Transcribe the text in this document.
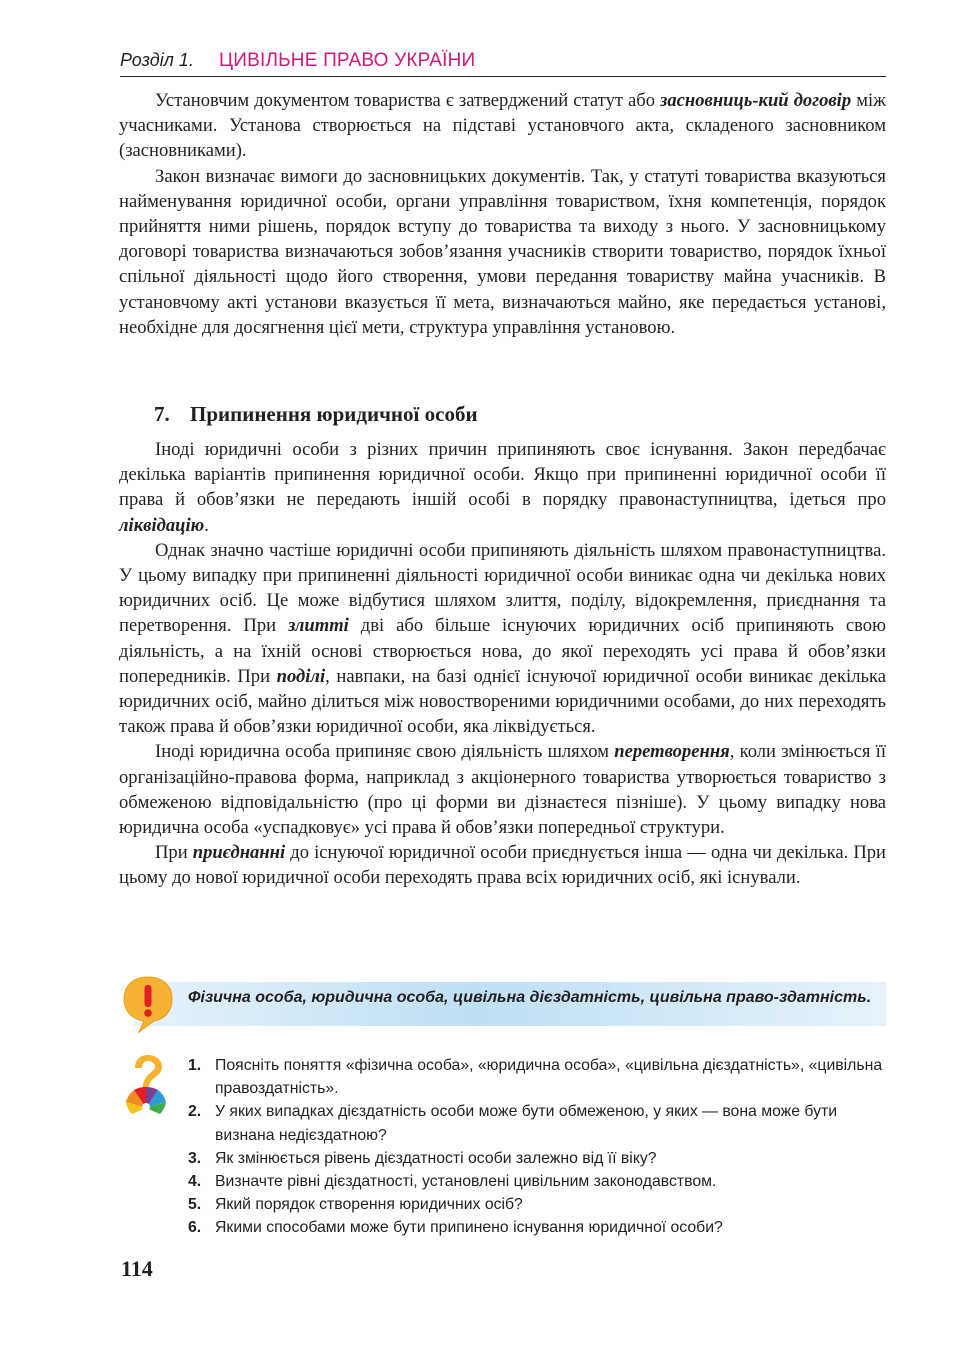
Розділ 1. ЦИВІЛЬНЕ ПРАВО УКРАЇНИ

Установчим документом товариства є затверджений статут або засновниць-кий договір між учасниками. Установа створюється на підставі установчого акта, складеного засновником (засновниками).

Закон визначає вимоги до засновницьких документів. Так, у статуті товариства вказуються найменування юридичної особи, органи управління товариством, їхня компетенція, порядок прийняття ними рішень, порядок вступу до товариства та виходу з нього. У засновницькому договорі товариства визначаються зобов’язання учасників створити товариство, порядок їхньої спільної діяльності щодо його створення, умови передання товариству майна учасників. В установчому акті установи вказується її мета, визначаються майно, яке передається установі, необхідне для досягнення цієї мети, структура управління установою.

7. Припинення юридичної особи

Іноді юридичні особи з різних причин припиняють своє існування. Закон передбачає декілька варіантів припинення юридичної особи. Якщо при припиненні юридичної особи її права й обов’язки не передають іншій особі в порядку правонаступництва, ідеться про ліквідацію.

Однак значно частіше юридичні особи припиняють діяльність шляхом правонаступництва. У цьому випадку при припиненні діяльності юридичної особи виникає одна чи декілька нових юридичних осіб. Це може відбутися шляхом злиття, поділу, відокремлення, приєднання та перетворення. При злитті дві або більше існуючих юридичних осіб припиняють свою діяльність, а на їхній основі створюється нова, до якої переходять усі права й обов’язки попередників. При поділі, навпаки, на базі однієї існуючої юридичної особи виникає декілька юридичних осіб, майно ділиться між новоствореними юридичними особами, до них переходять також права й обов’язки юридичної особи, яка ліквідується.

Іноді юридична особа припиняє свою діяльність шляхом перетворення, коли змінюється її організаційно-правова форма, наприклад з акціонерного товариства утворюється товариство з обмеженою відповідальністю (про ці форми ви дізнаєтеся пізніше). У цьому випадку нова юридична особа «успадковує» усі права й обов’язки попередньої структури.

При приєднанні до існуючої юридичної особи приєднується інша — одна чи декілька. При цьому до нової юридичної особи переходять права всіх юридичних осіб, які існували.

Фізична особа, юридична особа, цивільна дієздатність, цивільна право-здатність.
1. Поясніть поняття «фізична особа», «юридична особа», «цивільна дієздатність», «цивільна правоздатність».
2. У яких випадках дієздатність особи може бути обмеженою, у яких — вона може бути визнана недієздатною?
3. Як змінюється рівень дієздатності особи залежно від її віку?
4. Визначте рівні дієздатності, установлені цивільним законодавством.
5. Який порядок створення юридичних осіб?
6. Якими способами може бути припинено існування юридичної особи?
114
